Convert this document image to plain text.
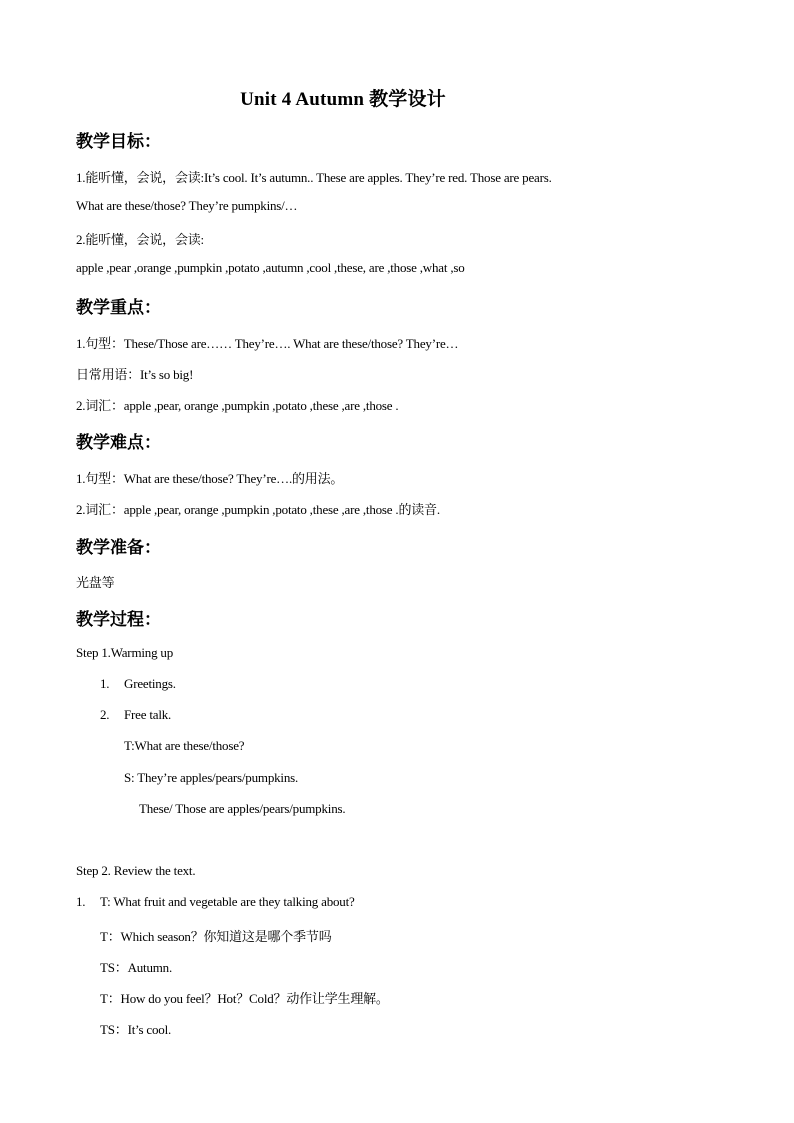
Unit 4 Autumn 教学设计
教学目标：
1.能听懂，会说，会读:It’s cool. It’s autumn.. These are apples. They’re red. Those are pears.
What are these/those? They’re pumpkins/…
2.能听懂，会说，会读:
apple ,pear ,orange ,pumpkin ,potato ,autumn ,cool ,these, are ,those ,what ,so
教学重点：
1.句型：These/Those are…… They’re…. What are these/those? They’re…
日常用语：It’s so big!
2.词汇：apple ,pear, orange ,pumpkin ,potato ,these ,are ,those .
教学难点：
1.句型：What are these/those? They’re….的用法。
2.词汇：apple ,pear, orange ,pumpkin ,potato ,these ,are ,those .的读音.
教学准备：
光盘等
教学过程：
Step 1.Warming up
1. Greetings.
2. Free talk.
T:What are these/those?
S: They’re apples/pears/pumpkins.
These/ Those are apples/pears/pumpkins.
Step 2. Review the text.
1. T: What fruit and vegetable are they talking about?
T：Which season？你知道这是哪个季节吗
TS：Autumn.
T：How do you feel？Hot？Cold？动作让学生理解。
TS：It’s cool.
